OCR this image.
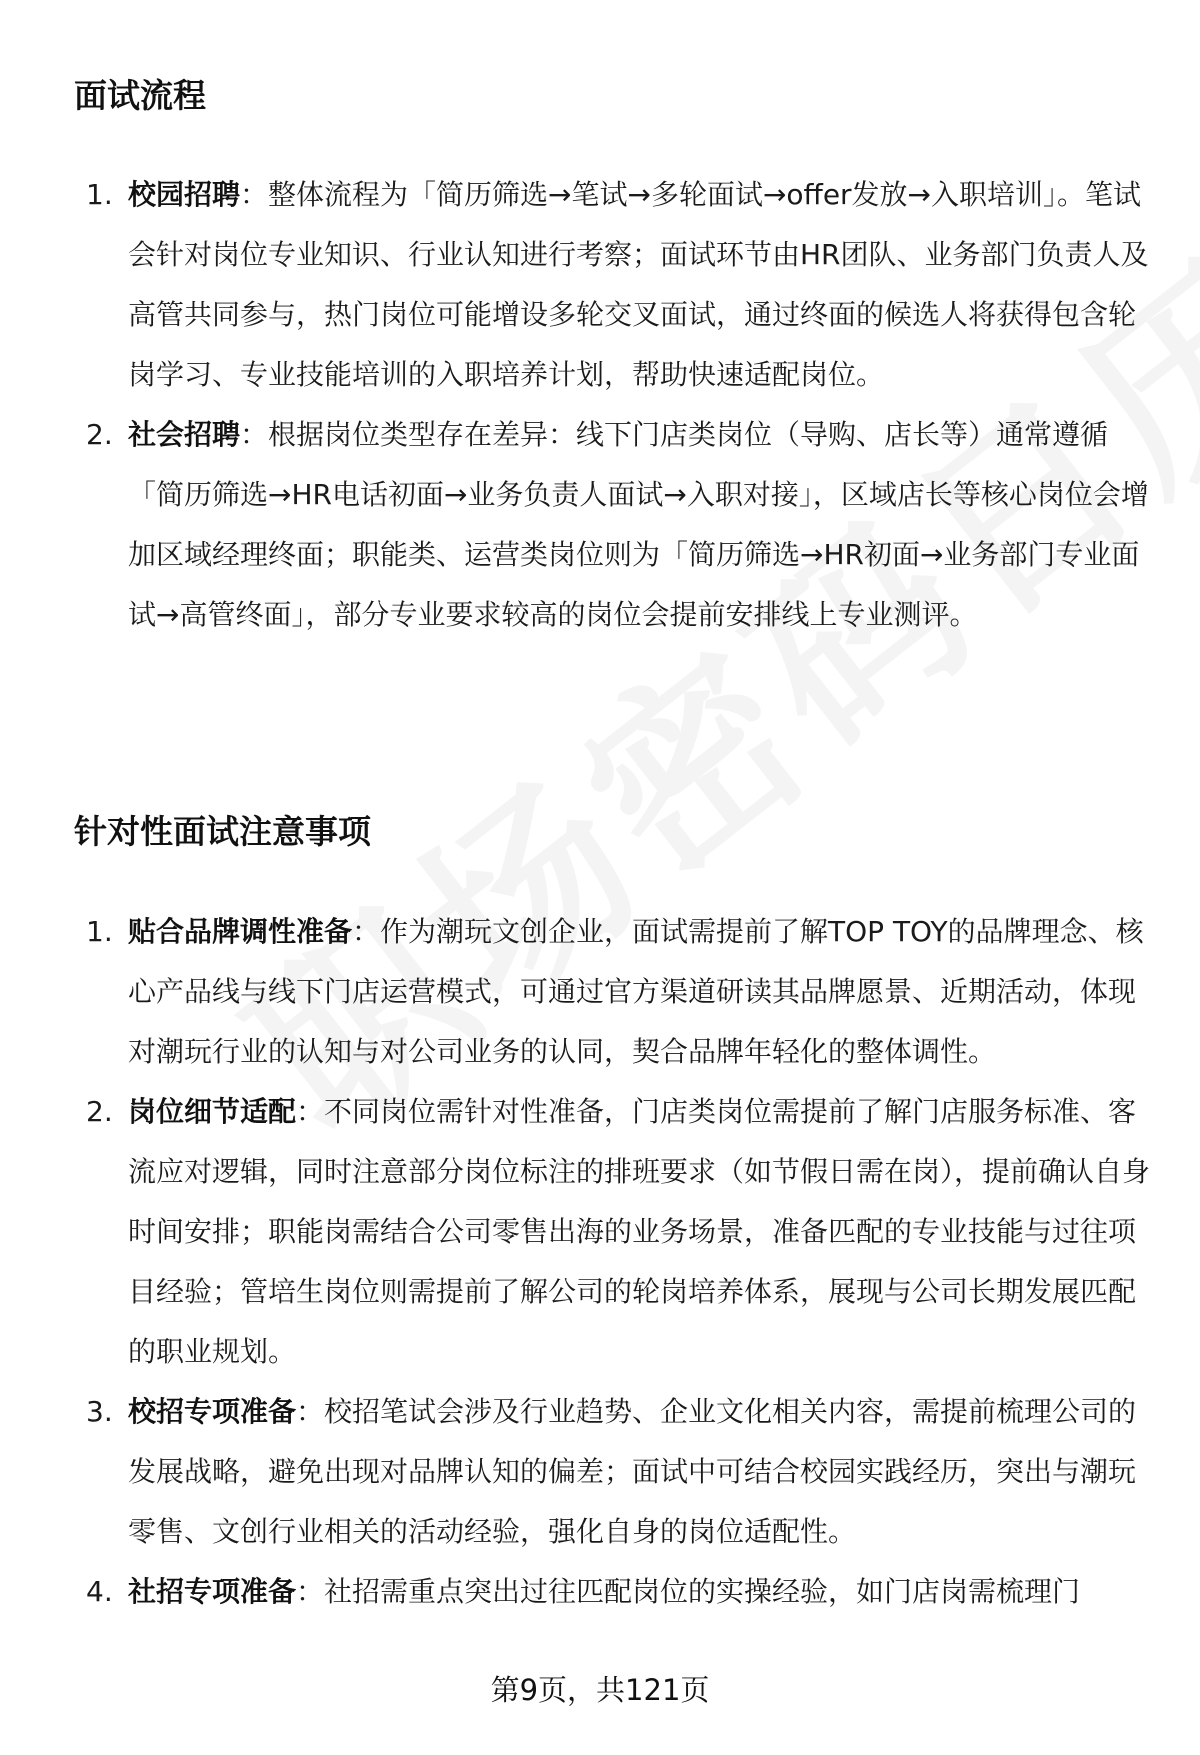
面试流程
1. 校园招聘：整体流程为「简历筛选→笔试→多轮面试→offer发放→入职培训」。笔试会针对岗位专业知识、行业认知进行考察；面试环节由HR团队、业务部门负责人及高管共同参与，热门岗位可能增设多轮交叉面试，通过终面的候选人将获得包含轮岗学习、专业技能培训的入职培养计划，帮助快速适配岗位。
2. 社会招聘：根据岗位类型存在差异：线下门店类岗位（导购、店长等）通常遵循「简历筛选→HR电话初面→业务负责人面试→入职对接」，区域店长等核心岗位会增加区域经理终面；职能类、运营类岗位则为「简历筛选→HR初面→业务部门专业面试→高管终面」，部分专业要求较高的岗位会提前安排线上专业测评。
针对性面试注意事项
1. 贴合品牌调性准备：作为潮玩文创企业，面试需提前了解TOP TOY的品牌理念、核心产品线与线下门店运营模式，可通过官方渠道研读其品牌愿景、近期活动，体现对潮玩行业的认知与对公司业务的认同，契合品牌年轻化的整体调性。
2. 岗位细节适配：不同岗位需针对性准备，门店类岗位需提前了解门店服务标准、客流应对逻辑，同时注意部分岗位标注的排班要求（如节假日需在岗），提前确认自身时间安排；职能岗需结合公司零售出海的业务场景，准备匹配的专业技能与过往项目经验；管培生岗位则需提前了解公司的轮岗培养体系，展现与公司长期发展匹配的职业规划。
3. 校招专项准备：校招笔试会涉及行业趋势、企业文化相关内容，需提前梳理公司的发展战略，避免出现对品牌认知的偏差；面试中可结合校园实践经历，突出与潮玩零售、文创行业相关的活动经验，强化自身的岗位适配性。
4. 社招专项准备：社招需重点突出过往匹配岗位的实操经验，如门店岗需梳理门
第9页，共121页
